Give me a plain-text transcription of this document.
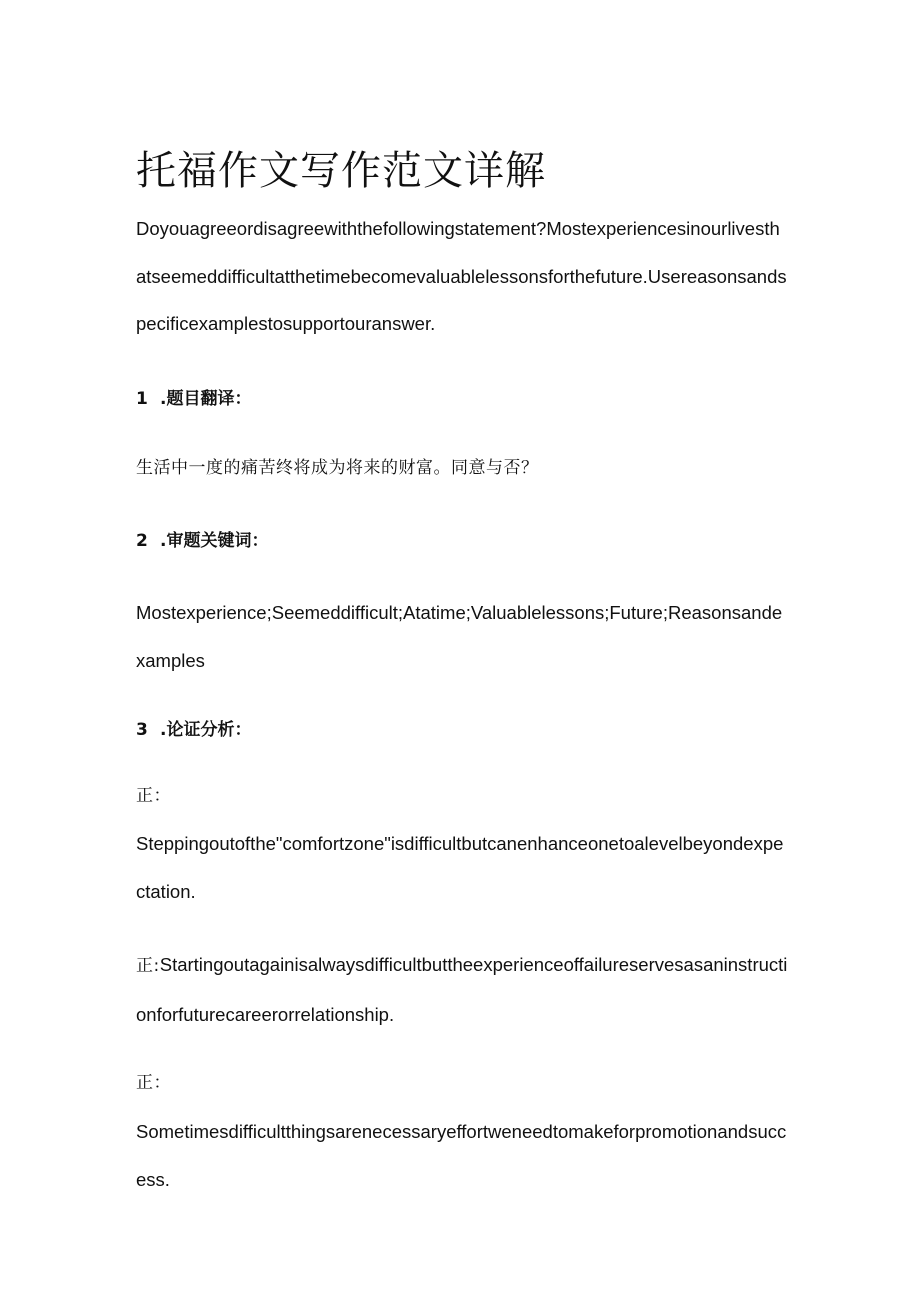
托福作文写作范文详解
Doyouagreeordisagreewiththefollowingstatement?Mostexperiencesinourlivesthatseemeddifficultatthetimebecomevaluablelessonsforthefuture.Usereasonsandspecificexamplestosupportouranswer.
1 .题目翻译：
生活中一度的痛苦终将成为将来的财富。同意与否？
2 .审题关键词：
Mostexperience;Seemeddifficult;Atatime;Valuablelessons;Future;Reasonsandexamples
3 .论证分析：
正：
Steppingoutofthe"comfortzone"isdifficultbutcanenhanceonetoalevelbeyondexpectation.
正:Startingoutagainisalwaysdifficultbuttheexperienceoffailureservesasaninstructionforfuturecareerorrelationship.
正：
Sometimesdifficultthingsarenecessaryeffortweneedtomakeforpromotionandsuccess.
